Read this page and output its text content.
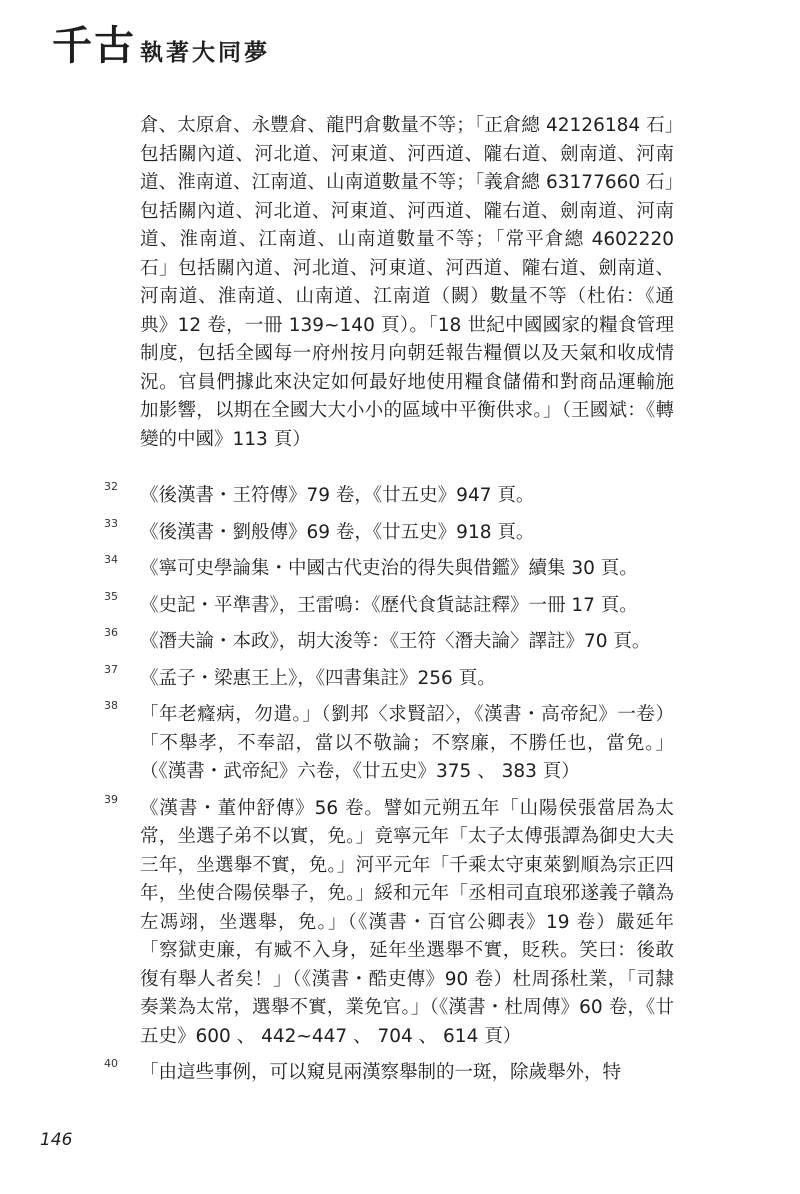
千古 執著大同夢
倉、太原倉、永豐倉、龍門倉數量不等；「正倉總 42126184 石」包括關內道、河北道、河東道、河西道、隴右道、劍南道、河南道、淮南道、江南道、山南道數量不等；「義倉總 63177660 石」包括關內道、河北道、河東道、河西道、隴右道、劍南道、河南道、淮南道、江南道、山南道數量不等；「常平倉總 4602220 石」包括關內道、河北道、河東道、河西道、隴右道、劍南道、河南道、淮南道、山南道、江南道（闕）數量不等（杜佑：《通典》12 卷，一冊 139~140 頁）。「18 世紀中國國家的糧食管理制度，包括全國每一府州按月向朝廷報告糧價以及天氣和收成情況。官員們據此來決定如何最好地使用糧食儲備和對商品運輸施加影響，以期在全國大大小小的區域中平衡供求。」（王國斌：《轉變的中國》113 頁）
32 《後漢書・王符傳》79 卷，《廿五史》947 頁。
33 《後漢書・劉般傳》69 卷，《廿五史》918 頁。
34 《寧可史學論集・中國古代吏治的得失與借鑑》續集 30 頁。
35 《史記・平準書》，王雷鳴：《歷代食貨誌註釋》一冊 17 頁。
36 《潛夫論・本政》，胡大浚等：《王符〈潛夫論〉譯註》70 頁。
37 《孟子・梁惠王上》，《四書集註》256 頁。
38 「年老癃病，勿遣。」（劉邦〈求賢詔〉，《漢書・高帝紀》一卷）「不舉孝，不奉詔，當以不敬論；不察廉，不勝任也，當免。」（《漢書・武帝紀》六卷，《廿五史》375 、 383 頁）
39 《漢書・董仲舒傳》56 卷。譬如元朔五年「山陽侯張當居為太常，坐選子弟不以實，免。」竟寧元年「太子太傅張譚為御史大夫三年，坐選舉不實，免。」河平元年「千乘太守東萊劉順為宗正四年，坐使合陽侯舉子，免。」綏和元年「丞相司直琅邪遂義子贛為左馮翊，坐選舉，免。」（《漢書・百官公卿表》19 卷）嚴延年「察獄吏廉，有臧不入身，延年坐選舉不實，貶秩。笑曰：後敢復有舉人者矣！」（《漢書・酷吏傳》90 卷）杜周孫杜業，「司隸奏業為太常，選舉不實，業免官。」（《漢書・杜周傳》60 卷，《廿五史》600 、 442~447 、 704 、 614 頁）
40 「由這些事例，可以窺見兩漢察舉制的一斑，除歲舉外，特
146
